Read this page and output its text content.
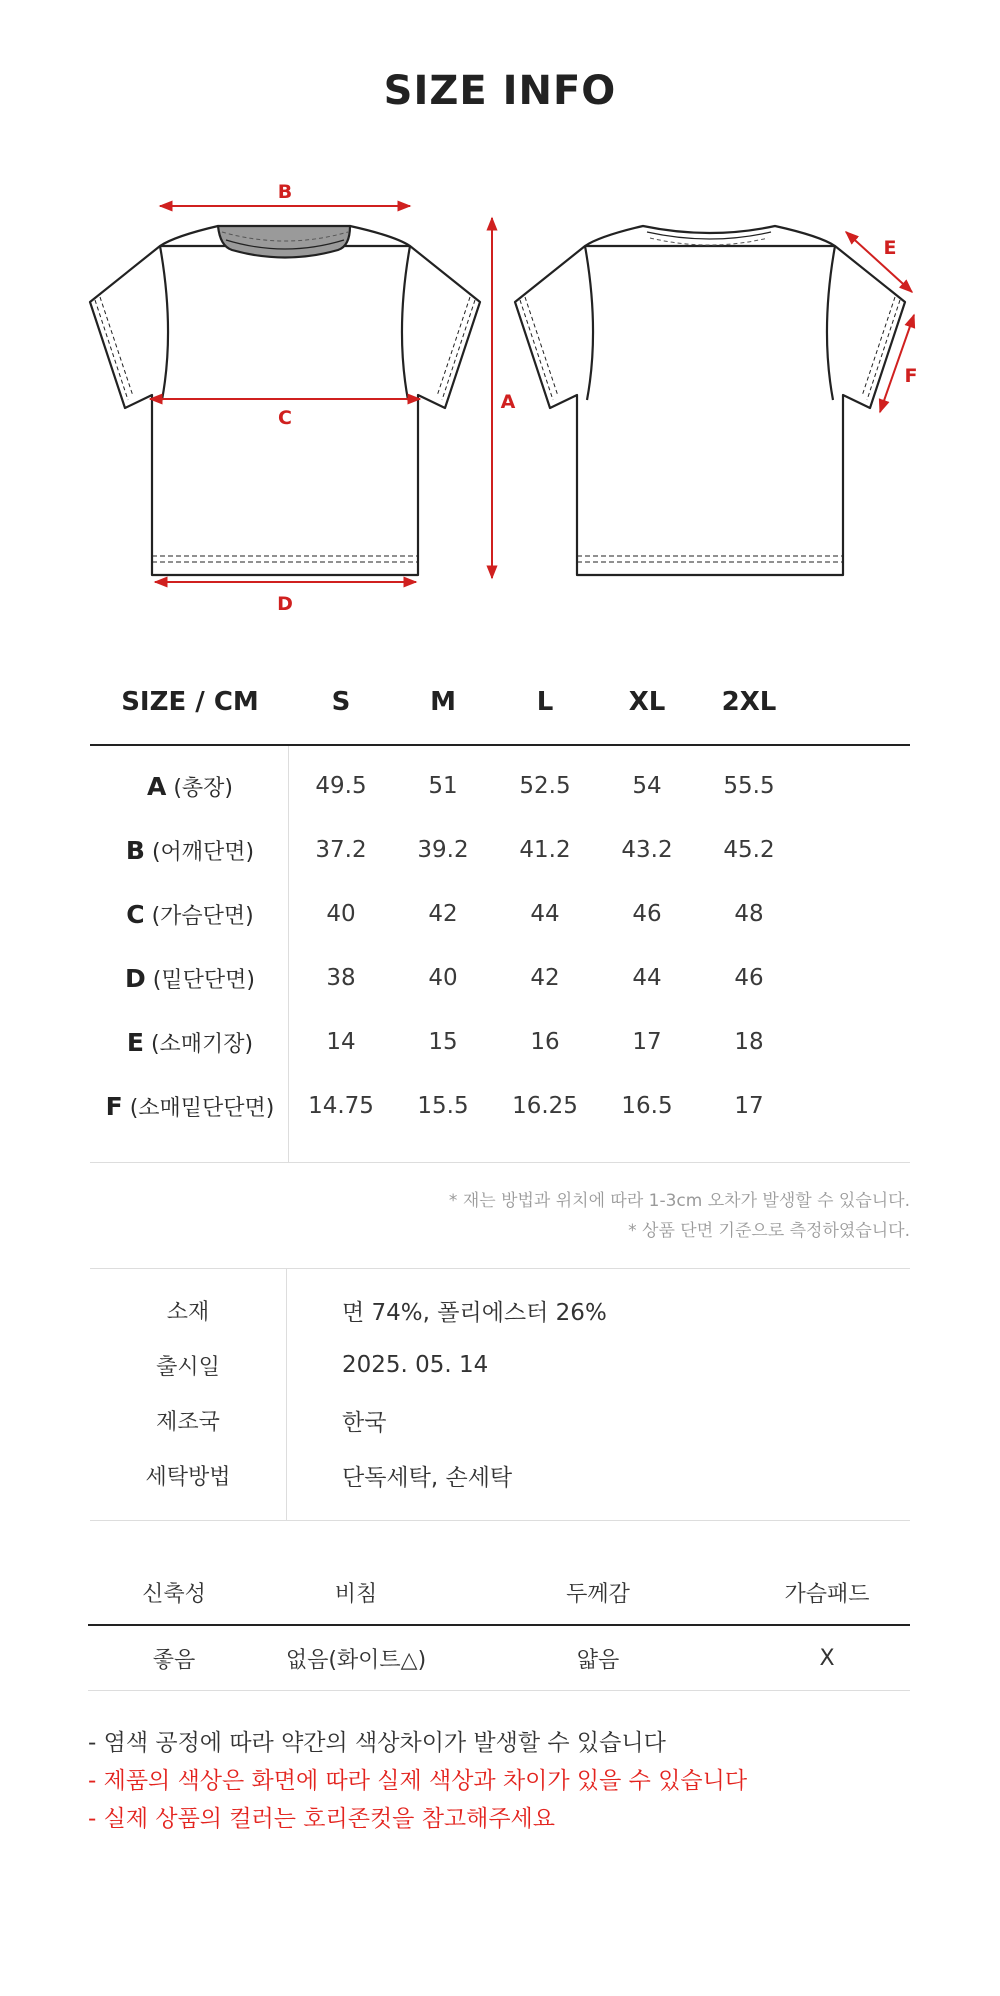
SIZE INFO
B
C
D
A
E
F
SIZE / CM	S	M	L	XL	2XL
A (총장)	49.5	51	52.5	54	55.5
B (어깨단면)	37.2	39.2	41.2	43.2	45.2
C (가슴단면)	40	42	44	46	48
D (밑단단면)	38	40	42	44	46
E (소매기장)	14	15	16	17	18
F (소매밑단단면)	14.75	15.5	16.25	16.5	17
* 재는 방법과 위치에 따라 1-3cm 오차가 발생할 수 있습니다.
* 상품 단면 기준으로 측정하였습니다.
소재	면 74%, 폴리에스터 26%
출시일	2025. 05. 14
제조국	한국
세탁방법	단독세탁, 손세탁
신축성	비침	두께감	가슴패드
좋음	없음(화이트△)	얇음	X
- 염색 공정에 따라 약간의 색상차이가 발생할 수 있습니다
- 제품의 색상은 화면에 따라 실제 색상과 차이가 있을 수 있습니다
- 실제 상품의 컬러는 호리존컷을 참고해주세요
